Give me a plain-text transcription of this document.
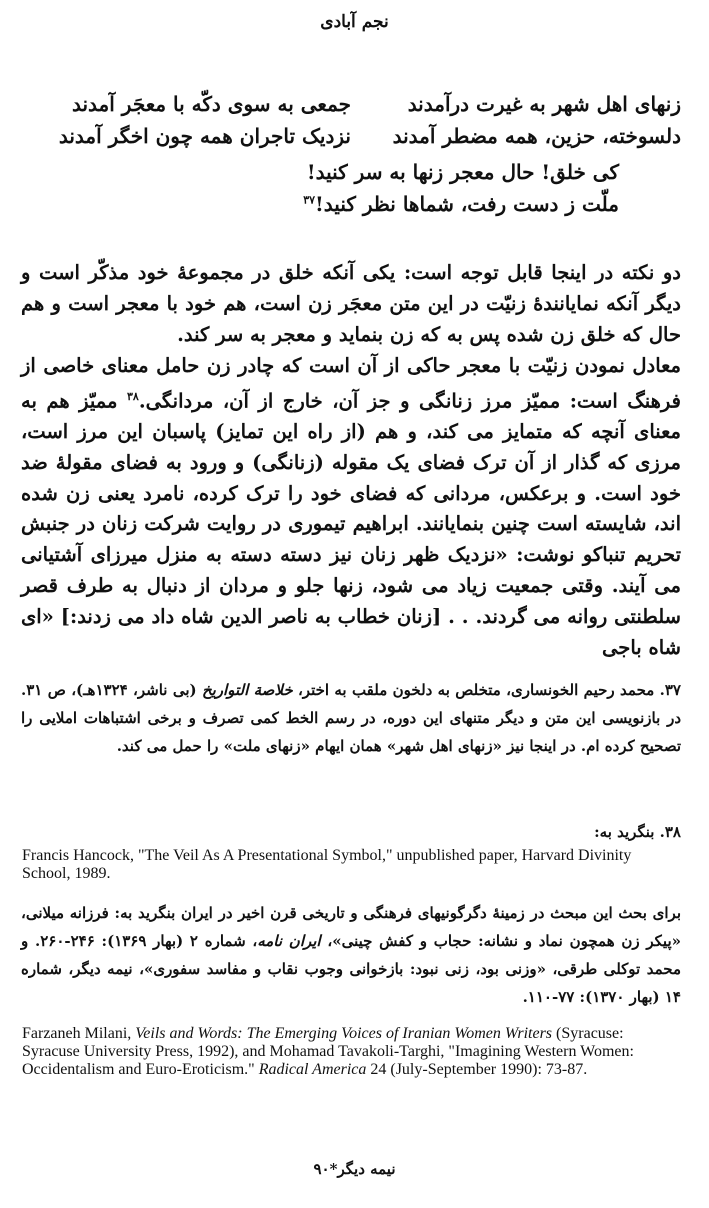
نجم آبادی
زنهای اهل شهر به غیرت درآمدند
جمعی به سوی دکّه با معجَر آمدند
دلسوخته، حزین، همه مضطر آمدند
نزدیک تاجران همه چون اخگر آمدند
کی خلق! حال معجر زنها به سر کنید!
ملّت ز دست رفت، شماها نظر کنید!$^{۳۷}$
دو نکته در اینجا قابل توجه است: یکی آنکه خلق در مجموعهٔ خود مذکّر است و دیگر آنکه نمایانندهٔ زنیّت در این متن معجَر زن است، هم خود با معجر است و هم حال که خلق زن شده پس به که زن بنماید و معجر به سر کند.
معادل نمودن زنیّت با معجر حاکی از آن است که چادر زن حامل معنای خاصی از فرهنگ است: ممیّز مرز زنانگی و جز آن، خارج از آن، مردانگی.$^{۳۸}$ ممیّز هم به معنای آنچه که متمایز می کند، و هم (از راه این تمایز) پاسبان این مرز است، مرزی که گذار از آن ترک فضای یک مقوله (زنانگی) و ورود به فضای مقولهٔ ضد خود است. و برعکس، مردانی که فضای خود را ترک کرده، نامرد یعنی زن شده اند، شایسته است چنین بنمایانند. ابراهیم تیموری در روایت شرکت زنان در جنبش تحریم تنباکو نوشت: «نزدیک ظهر زنان نیز دسته دسته به منزل میرزای آشتیانی می آیند. وقتی جمعیت زیاد می شود، زنها جلو و مردان از دنبال به طرف قصر سلطنتی روانه می گردند. . . [زنان خطاب به ناصر الدین شاه داد می زدند:] «ای شاه باجی
۳۷. محمد رحیم الخونساری، متخلص به دلخون ملقب به اختر، خلاصة التواریخ (بی ناشر، ۱۳۲۴هـ)، ص ۳۱. در بازنویسی این متن و دیگر متنهای این دوره، در رسم الخط کمی تصرف و برخی اشتباهات املایی را تصحیح کرده ام. در اینجا نیز «زنهای اهل شهر» همان ایهام «زنهای ملت» را حمل می کند.
۳۸. بنگرید به:
Francis Hancock, "The Veil As A Presentational Symbol," unpublished paper, Harvard Divinity School, 1989.
برای بحث این مبحث در زمینهٔ دگرگونیهای فرهنگی و تاریخی قرن اخیر در ایران بنگرید به: فرزانه میلانی، «پیکر زن همچون نماد و نشانه: حجاب و کفش چینی»، ایران نامه، شماره ۲ (بهار ۱۳۶۹): ۲۴۶-۲۶۰. و محمد توکلی طرقی، «وزنی بود، زنی نبود: بازخوانی وجوب نقاب و مفاسد سفوری»، نیمه دیگر، شماره ۱۴ (بهار ۱۳۷۰): ۷۷-۱۱۰.
Farzaneh Milani, Veils and Words: The Emerging Voices of Iranian Women Writers (Syracuse: Syracuse University Press, 1992), and Mohamad Tavakoli-Targhi, "Imagining Western Women: Occidentalism and Euro-Eroticism." Radical America 24 (July-September 1990): 73-87.
نیمه دیگر*۹۰
